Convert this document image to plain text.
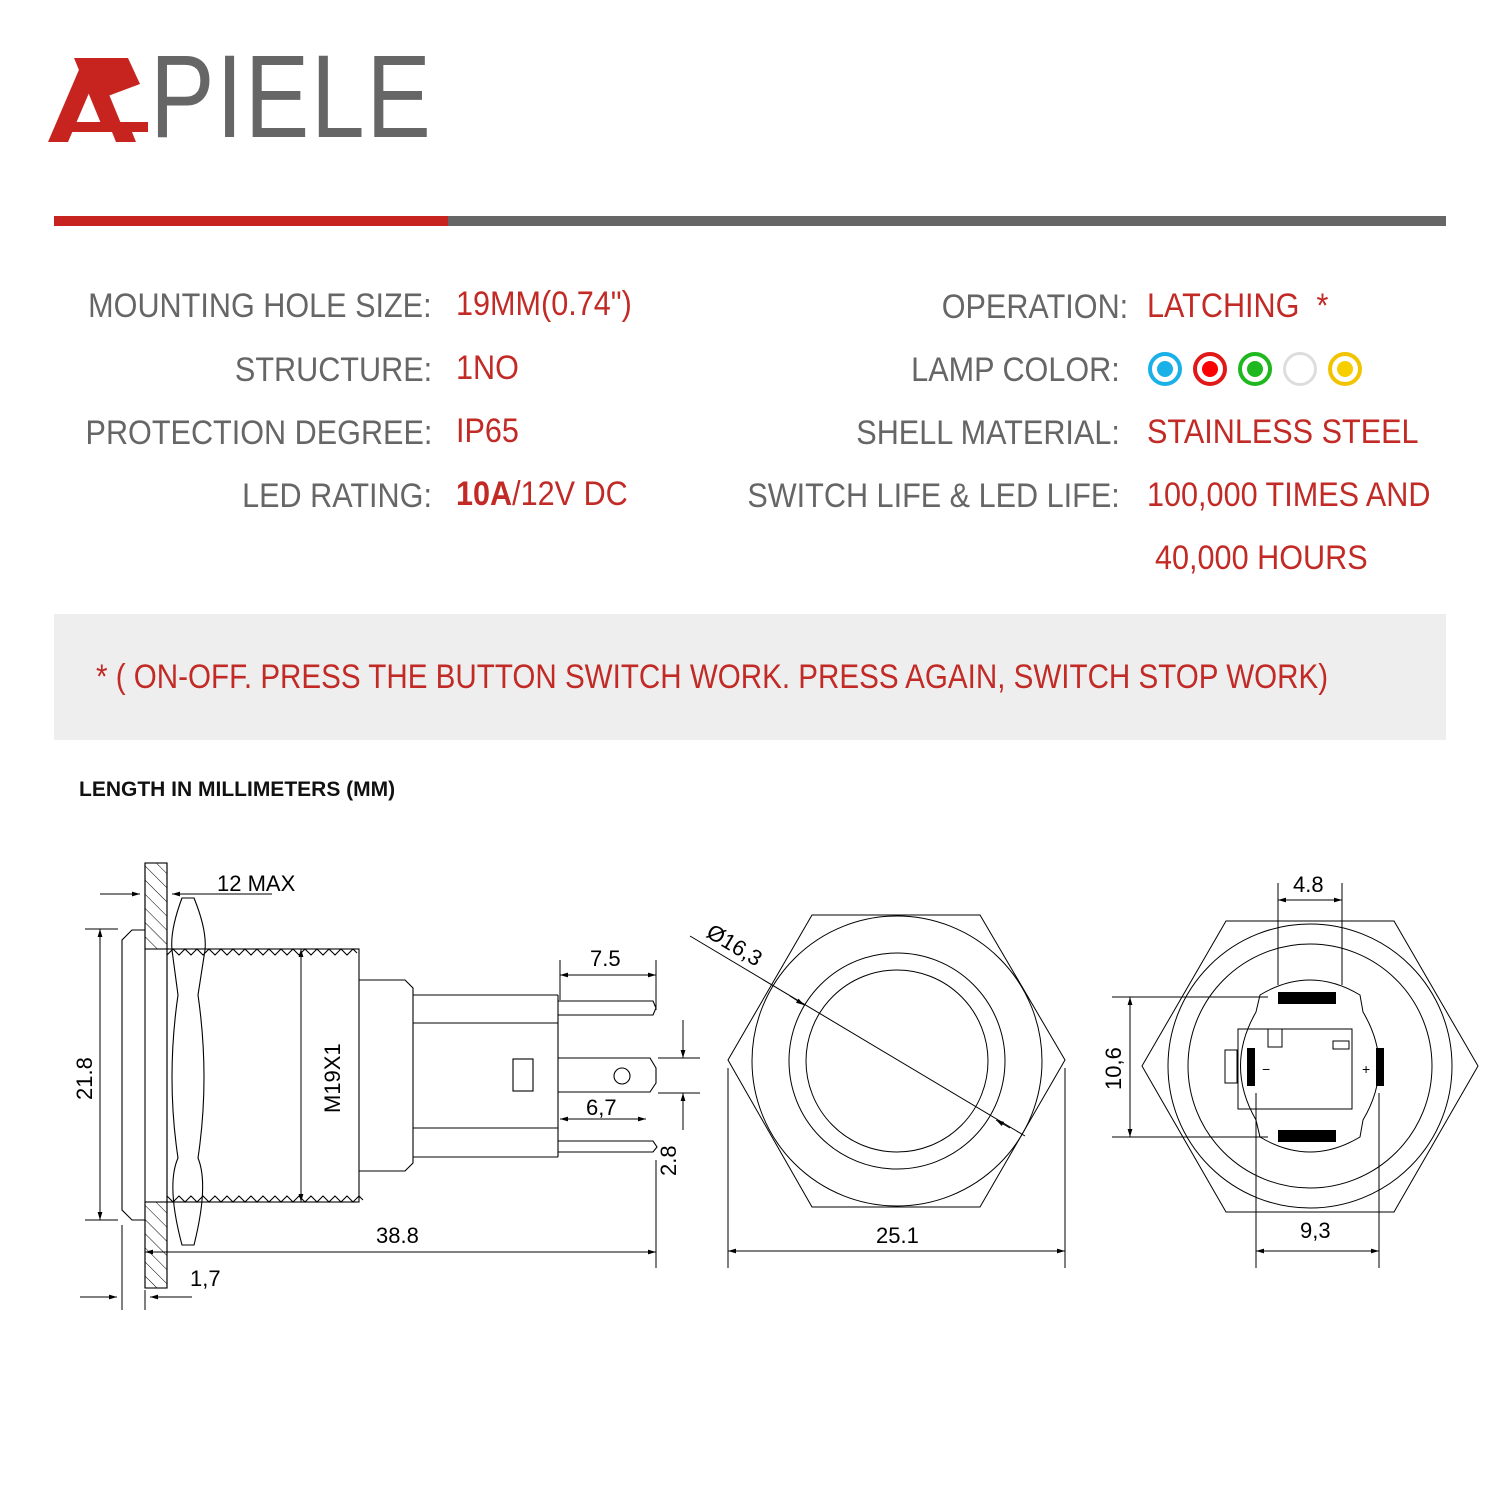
PIELE
MOUNTING HOLE SIZE: 19MM(0.74")
STRUCTURE: 1NO
PROTECTION DEGREE: IP65
LED RATING: 10A/12V DC
OPERATION: LATCHING  *
LAMP COLOR:
SHELL MATERIAL: STAINLESS STEEL
SWITCH LIFE & LED LIFE: 100,000 TIMES AND
40,000 HOURS
* ( ON-OFF. PRESS THE BUTTON SWITCH WORK. PRESS AGAIN, SWITCH STOP WORK)
LENGTH IN MILLIMETERS (MM)
12 MAX
21.8	M19X1
7.5
6,7
2.8
38.8
1,7
Ø16,3
25.1
4.8
10,6
9,3
−	+
